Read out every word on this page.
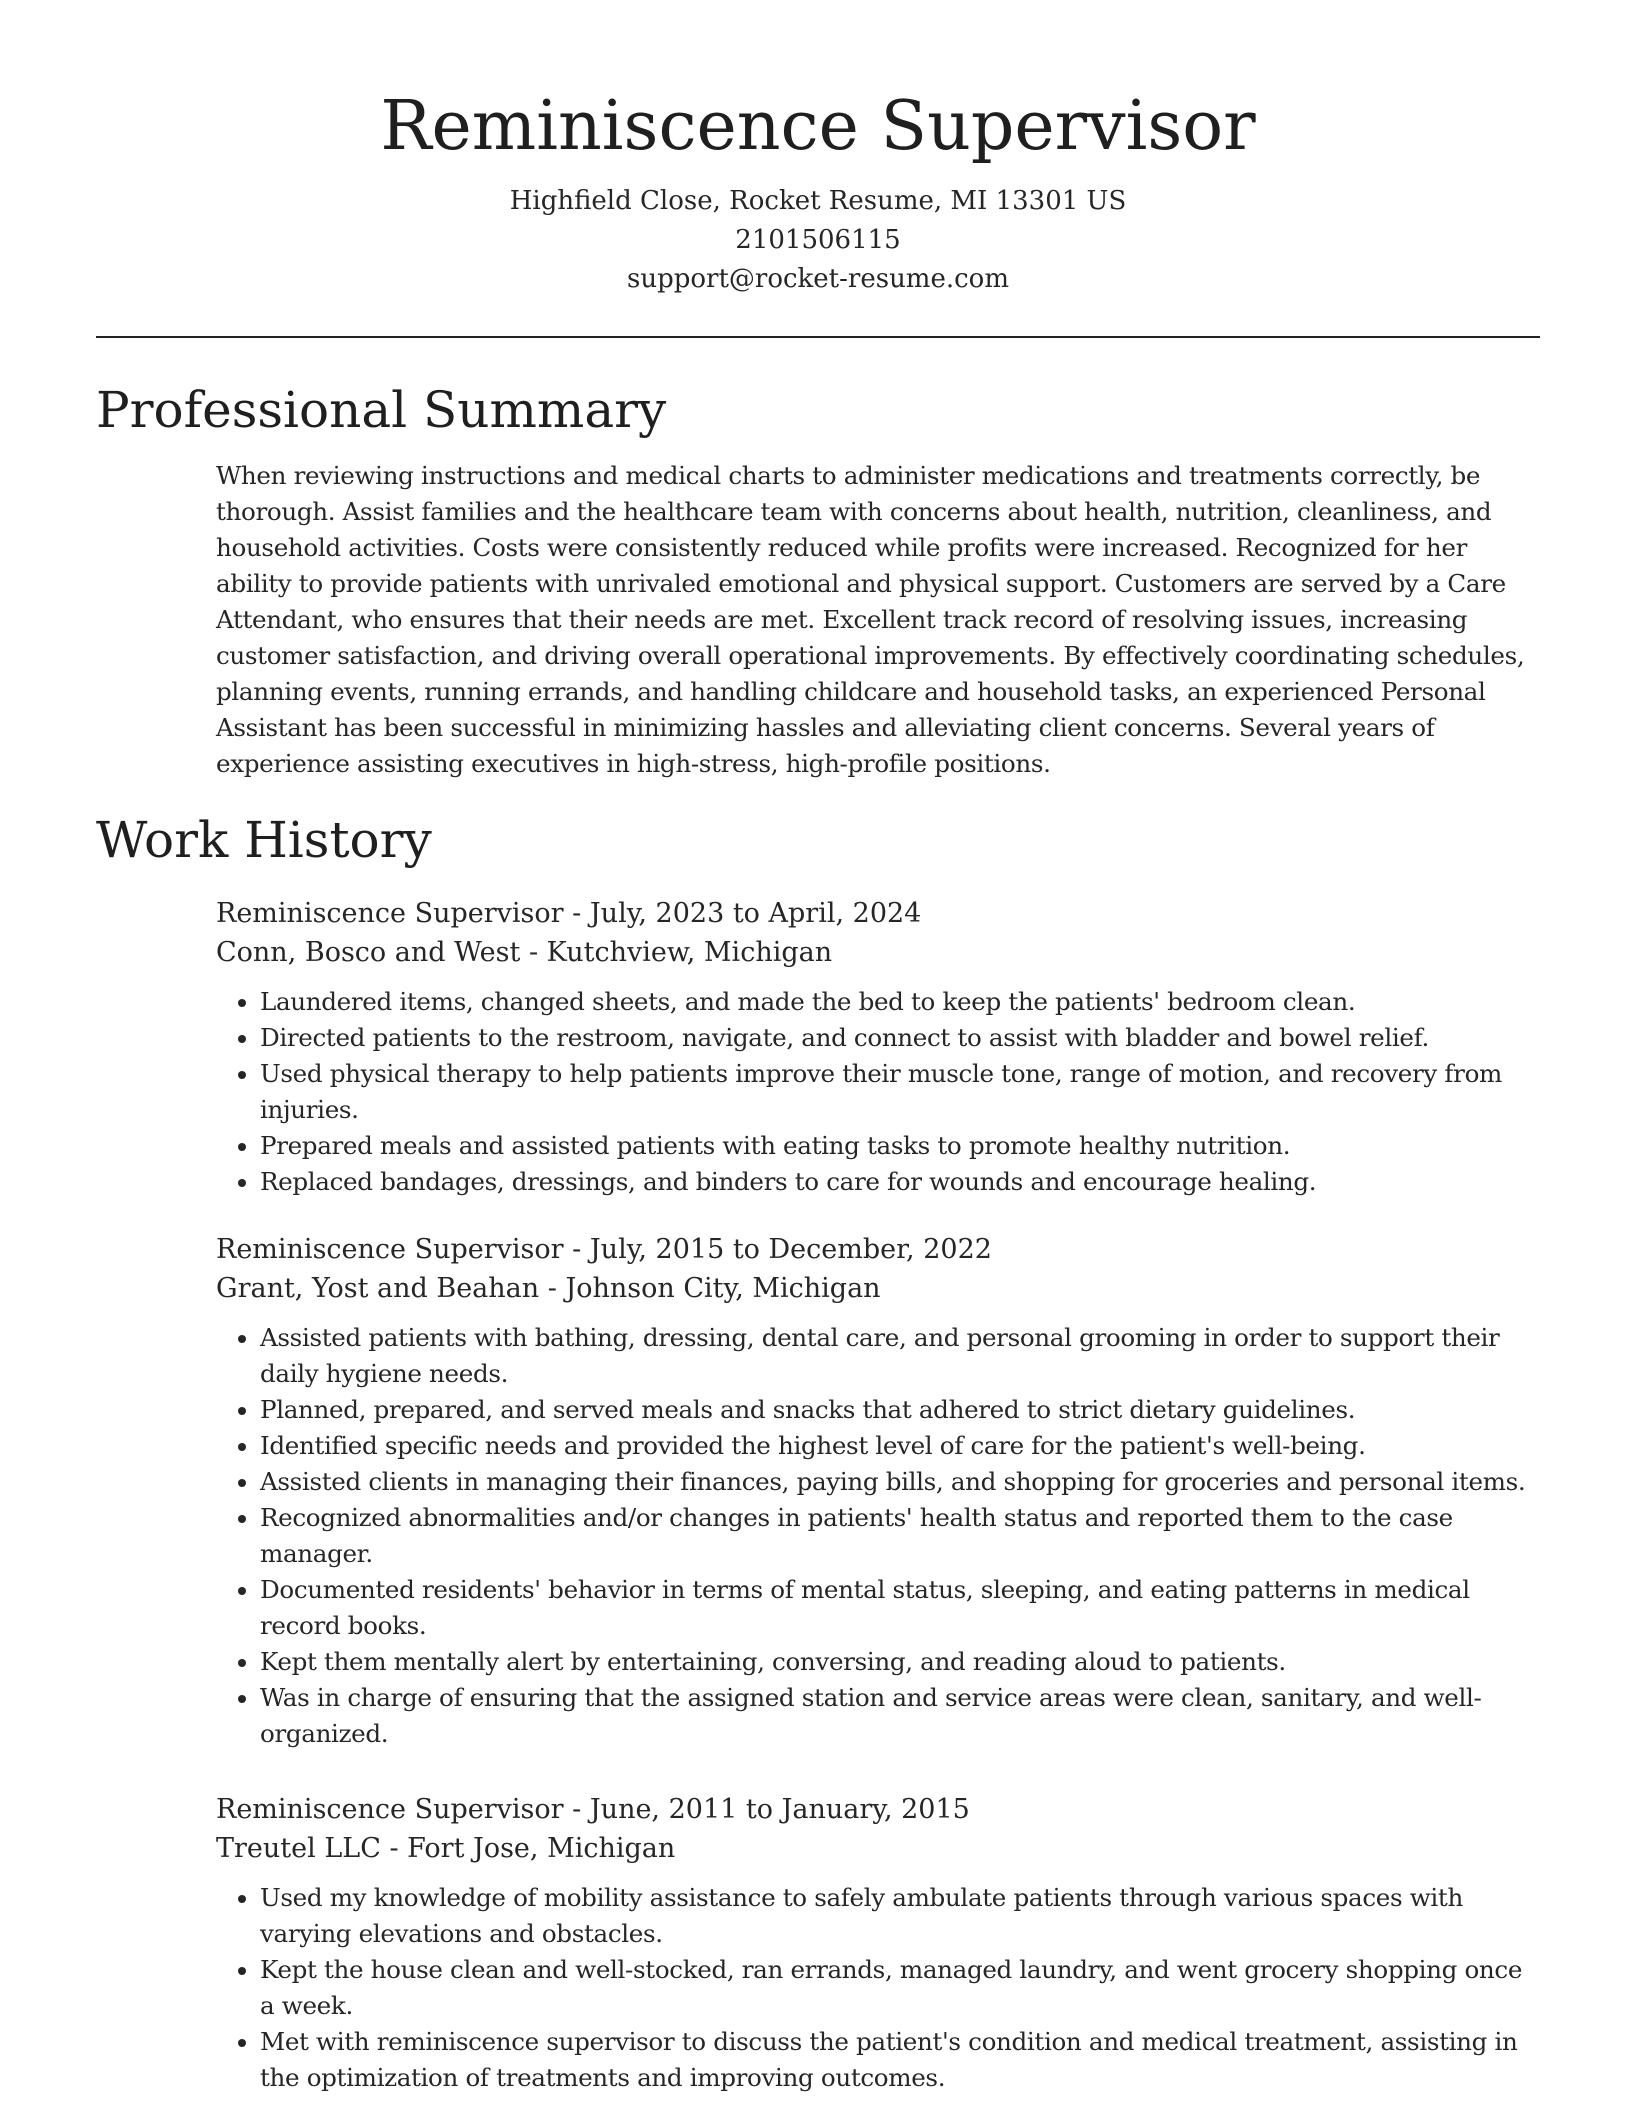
Reminiscence Supervisor
Highfield Close, Rocket Resume, MI 13301 US
2101506115
support@rocket-resume.com
Professional Summary
When reviewing instructions and medical charts to administer medications and treatments correctly, be thorough. Assist families and the healthcare team with concerns about health, nutrition, cleanliness, and household activities. Costs were consistently reduced while profits were increased. Recognized for her ability to provide patients with unrivaled emotional and physical support. Customers are served by a Care Attendant, who ensures that their needs are met. Excellent track record of resolving issues, increasing customer satisfaction, and driving overall operational improvements. By effectively coordinating schedules, planning events, running errands, and handling childcare and household tasks, an experienced Personal Assistant has been successful in minimizing hassles and alleviating client concerns. Several years of experience assisting executives in high-stress, high-profile positions.
Work History
Reminiscence Supervisor - July, 2023 to April, 2024
Conn, Bosco and West - Kutchview, Michigan
• Laundered items, changed sheets, and made the bed to keep the patients' bedroom clean.
• Directed patients to the restroom, navigate, and connect to assist with bladder and bowel relief.
• Used physical therapy to help patients improve their muscle tone, range of motion, and recovery from injuries.
• Prepared meals and assisted patients with eating tasks to promote healthy nutrition.
• Replaced bandages, dressings, and binders to care for wounds and encourage healing.
Reminiscence Supervisor - July, 2015 to December, 2022
Grant, Yost and Beahan - Johnson City, Michigan
• Assisted patients with bathing, dressing, dental care, and personal grooming in order to support their daily hygiene needs.
• Planned, prepared, and served meals and snacks that adhered to strict dietary guidelines.
• Identified specific needs and provided the highest level of care for the patient's well-being.
• Assisted clients in managing their finances, paying bills, and shopping for groceries and personal items.
• Recognized abnormalities and/or changes in patients' health status and reported them to the case manager.
• Documented residents' behavior in terms of mental status, sleeping, and eating patterns in medical record books.
• Kept them mentally alert by entertaining, conversing, and reading aloud to patients.
• Was in charge of ensuring that the assigned station and service areas were clean, sanitary, and well-organized.
Reminiscence Supervisor - June, 2011 to January, 2015
Treutel LLC - Fort Jose, Michigan
• Used my knowledge of mobility assistance to safely ambulate patients through various spaces with varying elevations and obstacles.
• Kept the house clean and well-stocked, ran errands, managed laundry, and went grocery shopping once a week.
• Met with reminiscence supervisor to discuss the patient's condition and medical treatment, assisting in the optimization of treatments and improving outcomes.
